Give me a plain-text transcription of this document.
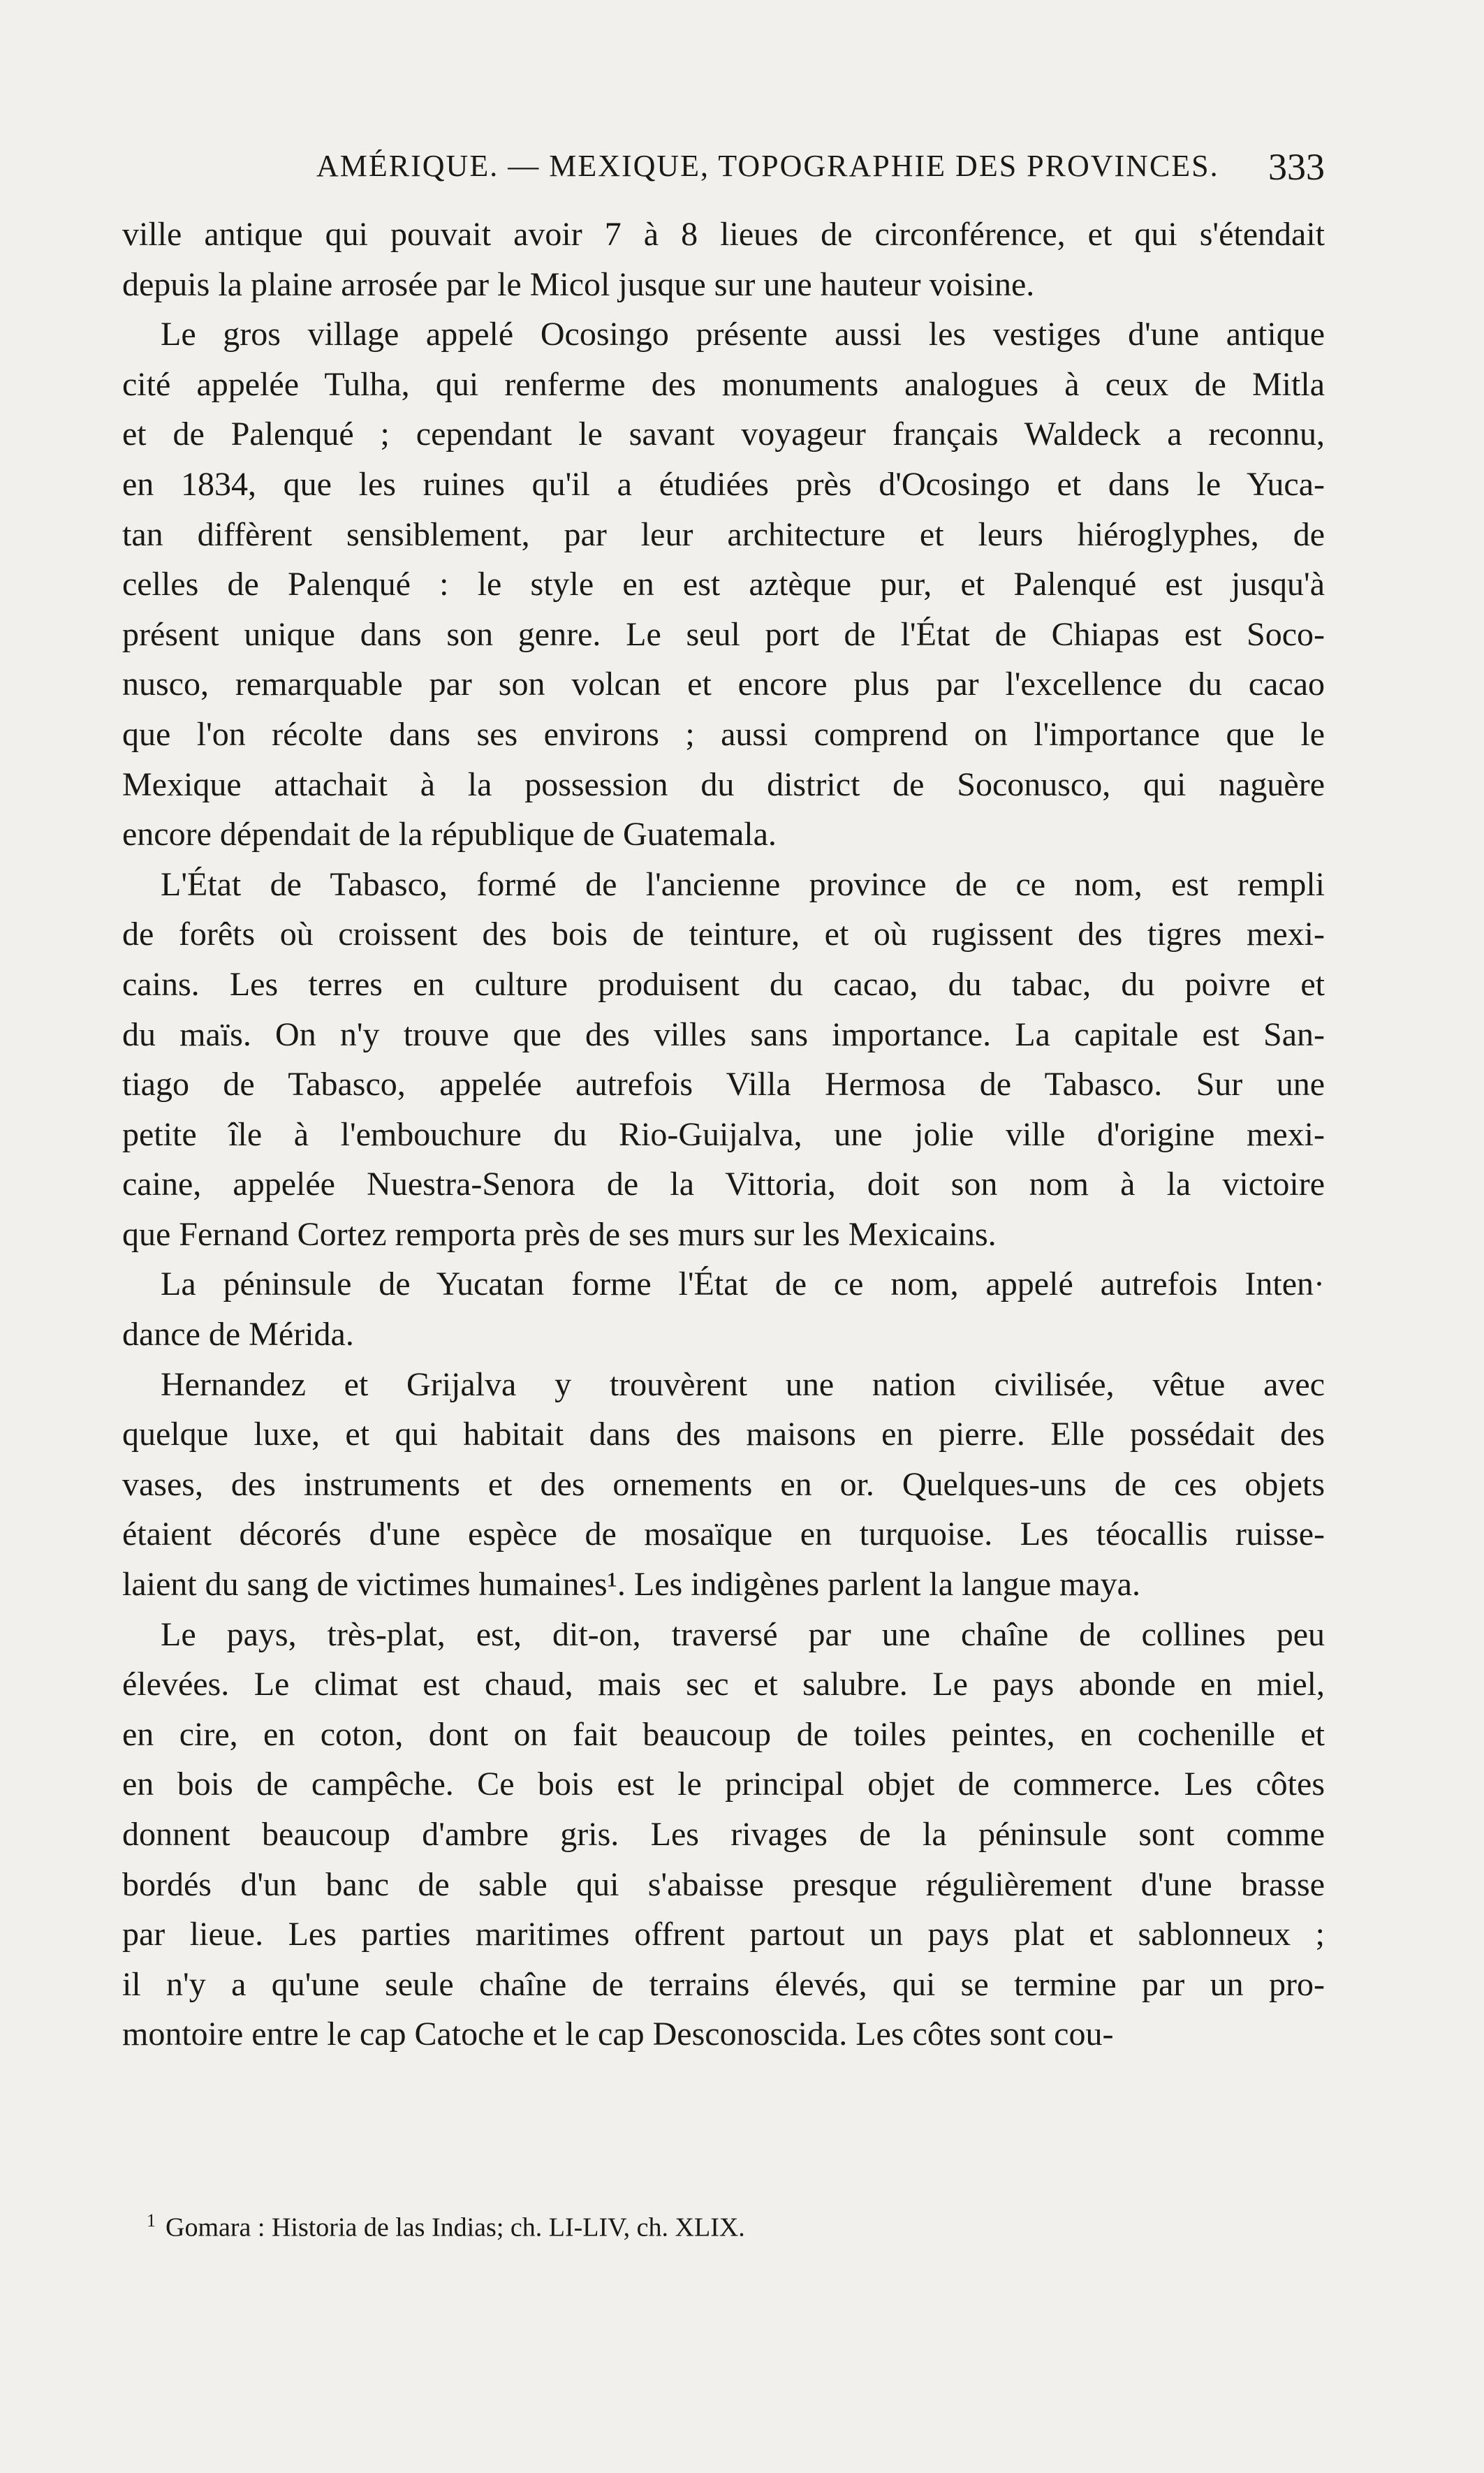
AMÉRIQUE. — MEXIQUE, TOPOGRAPHIE DES PROVINCES. 333
ville antique qui pouvait avoir 7 à 8 lieues de circonférence, et qui s'étendait
depuis la plaine arrosée par le Micol jusque sur une hauteur voisine.
Le gros village appelé Ocosingo présente aussi les vestiges d'une antique
cité appelée Tulha, qui renferme des monuments analogues à ceux de Mitla
et de Palenqué ; cependant le savant voyageur français Waldeck a reconnu,
en 1834, que les ruines qu'il a étudiées près d'Ocosingo et dans le Yuca-
tan diffèrent sensiblement, par leur architecture et leurs hiéroglyphes, de
celles de Palenqué : le style en est aztèque pur, et Palenqué est jusqu'à
présent unique dans son genre. Le seul port de l'État de Chiapas est Soco-
nusco, remarquable par son volcan et encore plus par l'excellence du cacao
que l'on récolte dans ses environs ; aussi comprend on l'importance que le
Mexique attachait à la possession du district de Soconusco, qui naguère
encore dépendait de la république de Guatemala.
L'État de Tabasco, formé de l'ancienne province de ce nom, est rempli
de forêts où croissent des bois de teinture, et où rugissent des tigres mexi-
cains. Les terres en culture produisent du cacao, du tabac, du poivre et
du maïs. On n'y trouve que des villes sans importance. La capitale est San-
tiago de Tabasco, appelée autrefois Villa Hermosa de Tabasco. Sur une
petite île à l'embouchure du Rio-Guijalva, une jolie ville d'origine mexi-
caine, appelée Nuestra-Senora de la Vittoria, doit son nom à la victoire
que Fernand Cortez remporta près de ses murs sur les Mexicains.
La péninsule de Yucatan forme l'État de ce nom, appelé autrefois Inten·
dance de Mérida.
Hernandez et Grijalva y trouvèrent une nation civilisée, vêtue avec
quelque luxe, et qui habitait dans des maisons en pierre. Elle possédait des
vases, des instruments et des ornements en or. Quelques-uns de ces objets
étaient décorés d'une espèce de mosaïque en turquoise. Les téocallis ruisse-
laient du sang de victimes humaines¹. Les indigènes parlent la langue maya.
Le pays, très-plat, est, dit-on, traversé par une chaîne de collines peu
élevées. Le climat est chaud, mais sec et salubre. Le pays abonde en miel,
en cire, en coton, dont on fait beaucoup de toiles peintes, en cochenille et
en bois de campêche. Ce bois est le principal objet de commerce. Les côtes
donnent beaucoup d'ambre gris. Les rivages de la péninsule sont comme
bordés d'un banc de sable qui s'abaisse presque régulièrement d'une brasse
par lieue. Les parties maritimes offrent partout un pays plat et sablonneux ;
il n'y a qu'une seule chaîne de terrains élevés, qui se termine par un pro-
montoire entre le cap Catoche et le cap Desconoscida. Les côtes sont cou-
$^1$ Gomara : Historia de las Indias; ch. LI-LIV, ch. XLIX.
